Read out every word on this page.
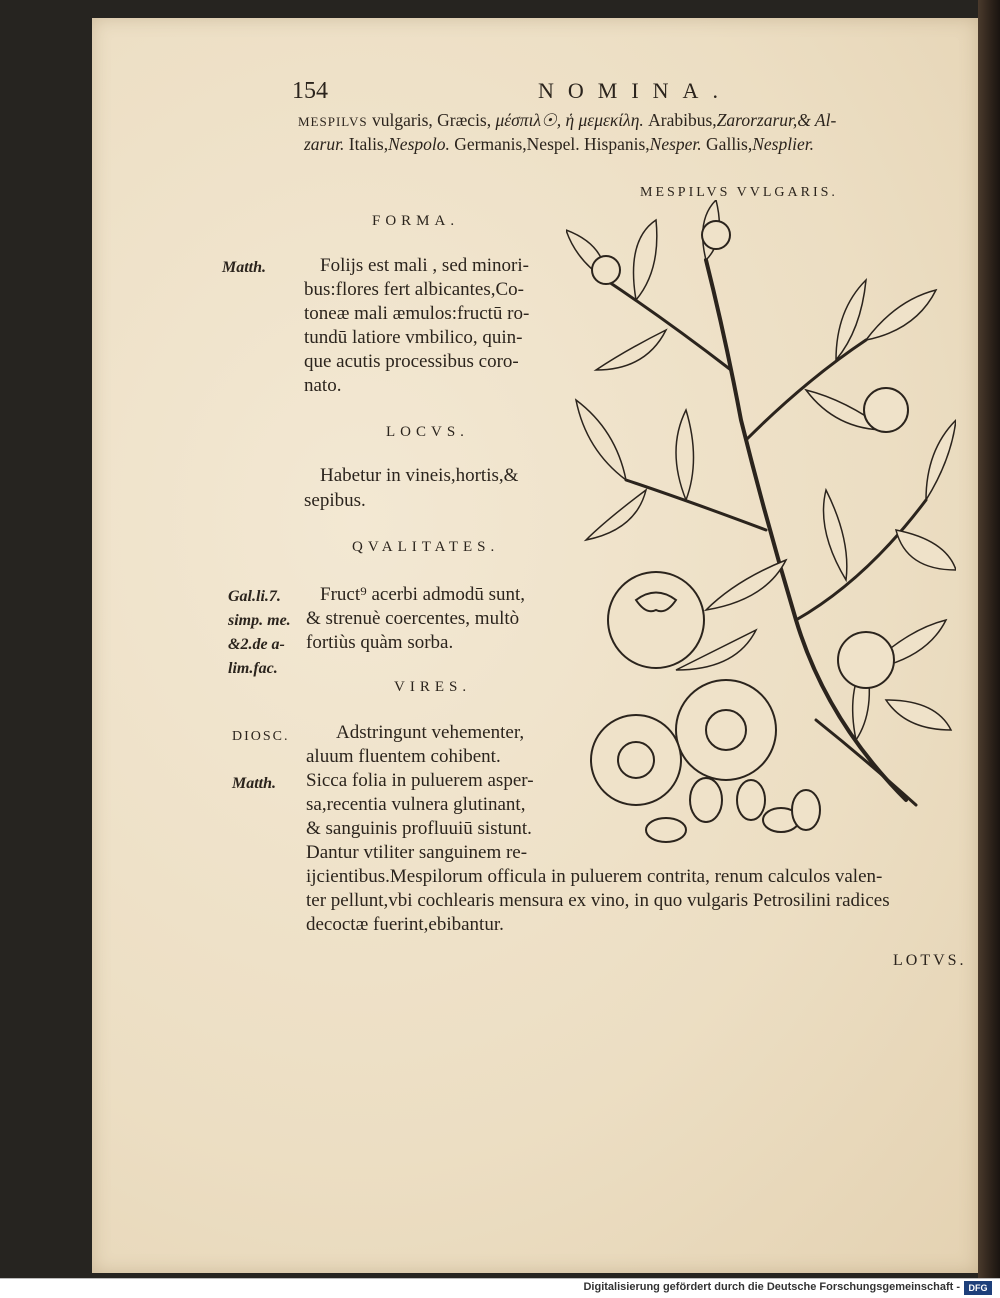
154	NOMINA.
MESPILVS vulgaris, Græcis, μέσπιλ☉, ἡ μεμεκίλη. Arabibus,Zarorzarur,& Al-
zarur. Italis,Nespolo. Germanis,Nespel. Hispanis,Nesper. Gallis,Nesplier.
MESPILVS VVLGARIS.
FORMA.
Matth.	Folijs est mali , sed minori-
bus:flores fert albicantes,Co-
toneæ mali æmulos:fructū ro-
tundū latiore vmbilico, quin-
que acutis processibus coro-
nato.
LOCVS.
Habetur in vineis,hortis,&
sepibus.
QVALITATES.
Gal.li.7.
simp. me.
&2.de a-
lim.fac.
Fruct⁹ acerbi admodū sunt,
& strenuè coercentes, multò
fortiùs quàm sorba.
VIRES.
DIOSC.
Matth.
Adstringunt vehementer,
aluum fluentem cohibent.
Sicca folia in puluerem asper-
sa,recentia vulnera glutinant,
& sanguinis profluuiū sistunt.
Dantur vtiliter sanguinem re-
ijcientibus.Mespilorum officula in puluerem contrita, renum calculos valen-
ter pellunt,vbi cochlearis mensura ex vino, in quo vulgaris Petrosilini radices
decoctæ fuerint,ebibantur.
LOTVS.
Digitalisierung gefördert durch die Deutsche Forschungsgemeinschaft - DFG
